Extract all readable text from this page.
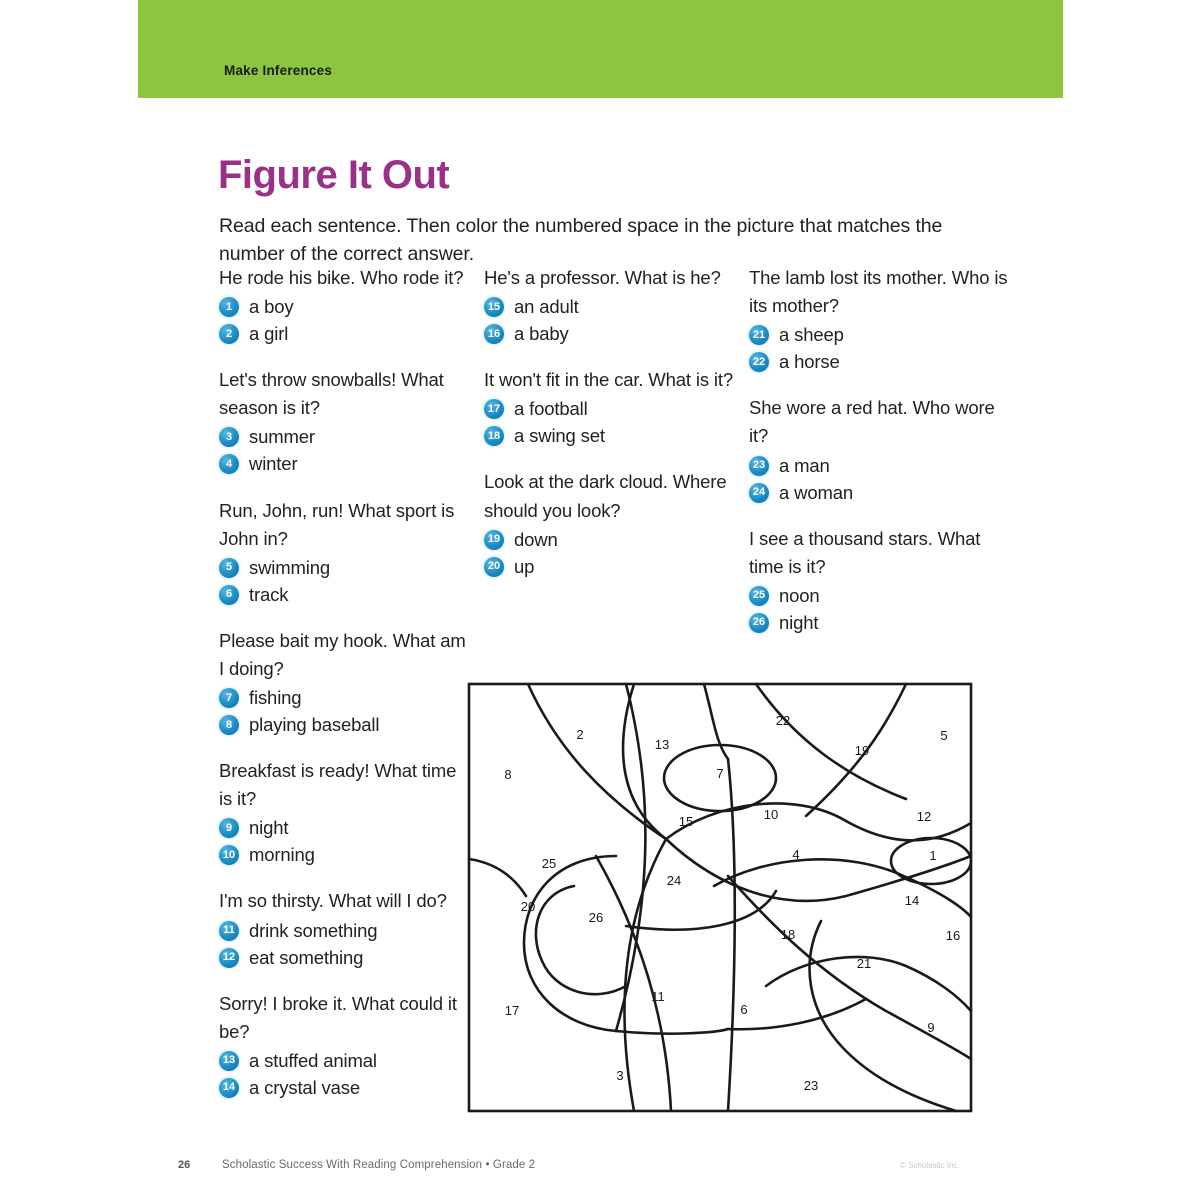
Make Inferences
Figure It Out

Read each sentence. Then color the numbered space in the picture that matches the number of the correct answer.

He rode his bike. Who rode it?
1 a boy
2 a girl
Let's throw snowballs! What season is it?
3 summer
4 winter
Run, John, run! What sport is John in?
5 swimming
6 track
Please bait my hook. What am I doing?
7 fishing
8 playing baseball
Breakfast is ready! What time is it?
9 night
10 morning
I'm so thirsty. What will I do?
11 drink something
12 eat something
Sorry! I broke it. What could it be?
13 a stuffed animal
14 a crystal vase
He's a professor. What is he?
15 an adult
16 a baby
It won't fit in the car. What is it?
17 a football
18 a swing set
Look at the dark cloud. Where should you look?
19 down
20 up
The lamb lost its mother. Who is its mother?
21 a sheep
22 a horse
She wore a red hat. Who wore it?
23 a man
24 a woman
I see a thousand stars. What time is it?
25 noon
26 night
8
2
13
7
22
19
5
15	10	12
25
4	1
24
20	14
26
18	16
21
11
17	6
9
3
23
26	Scholastic Success With Reading Comprehension • Grade 2	© Scholastic Inc.
